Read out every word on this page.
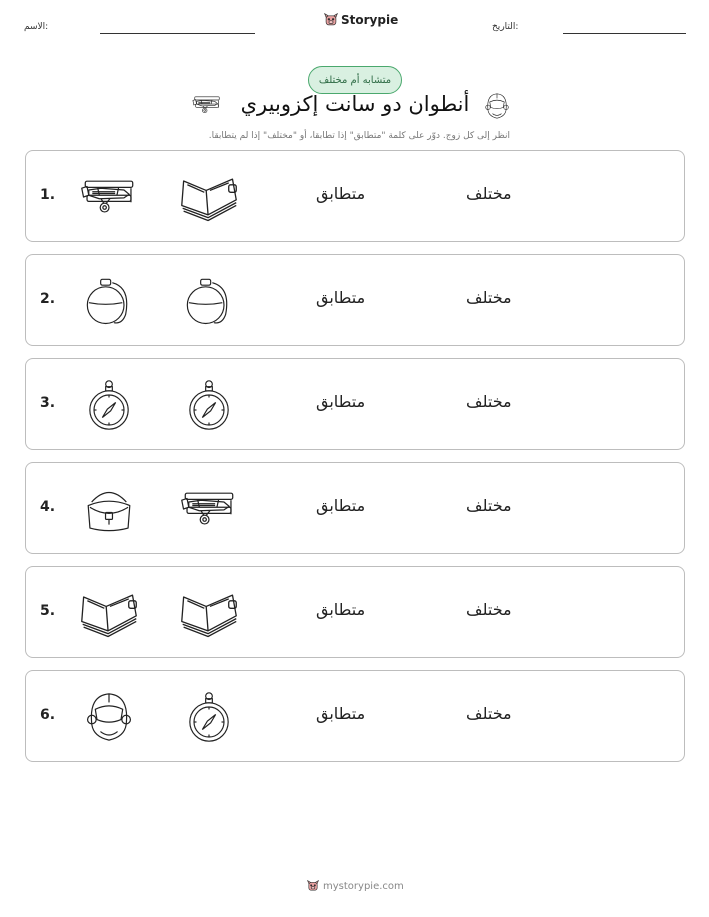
الاسم:	Storypie	التاريخ:
متشابه أم مختلف
أنطوان دو سانت إكزوبيري
انظر إلى كل زوج. دوّر على كلمة "متطابق" إذا تطابقا، أو "مختلف" إذا لم يتطابقا.
1.	متطابق	مختلف
2.	متطابق	مختلف
3.	متطابق	مختلف
4.	متطابق	مختلف
5.	متطابق	مختلف
6.	متطابق	مختلف
mystorypie.com
